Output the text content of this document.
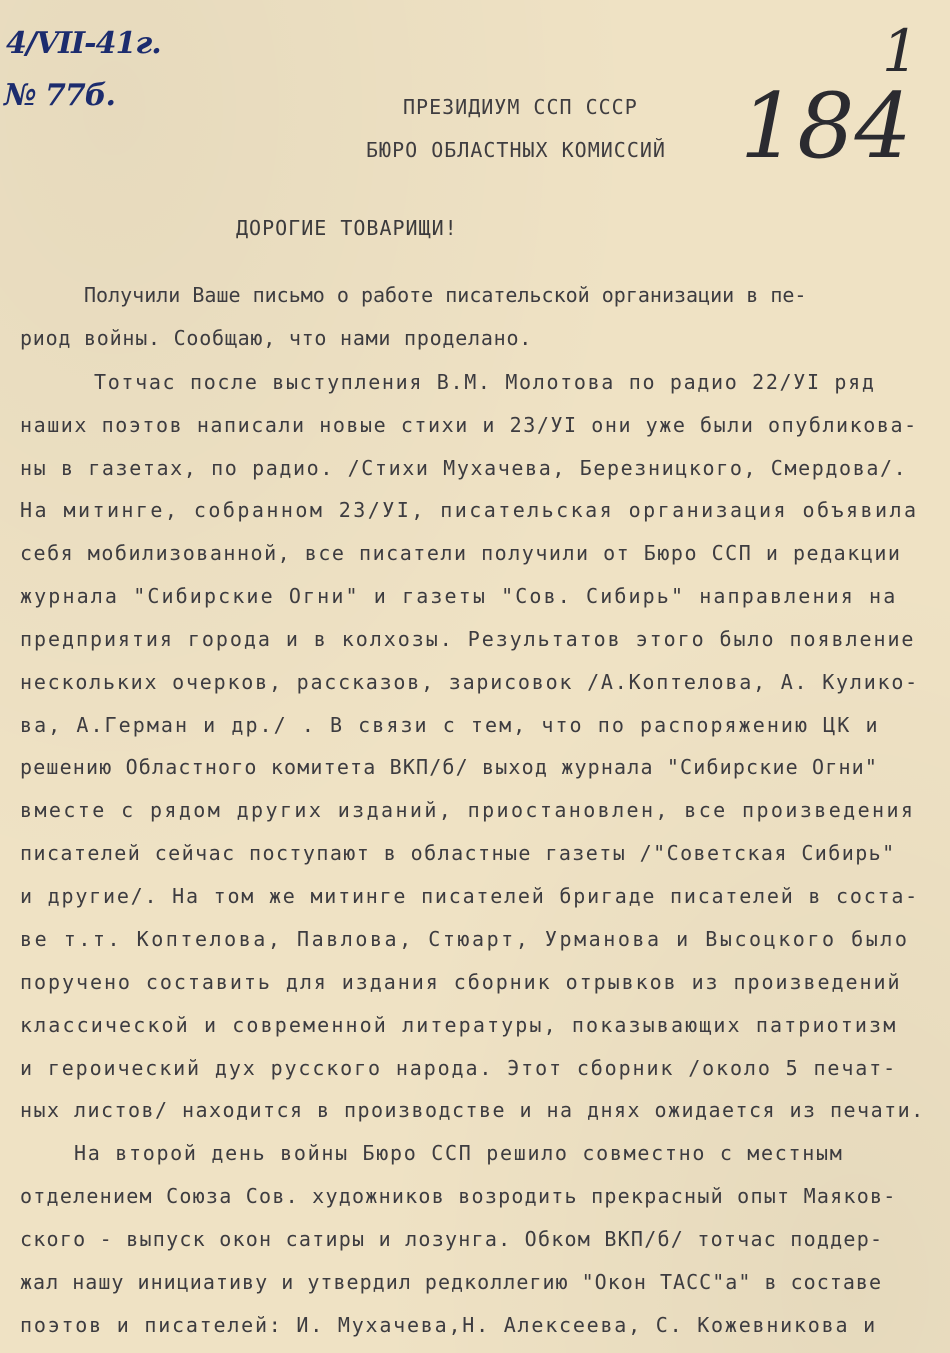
4/VII-41г.
№ 77б.	ПРЕЗИДИУМ ССП СССР
БЮРО ОБЛАСТНЫХ КОМИССИЙ 184
1
ДОРОГИЕ ТОВАРИЩИ!
Получили Ваше письмо о работе писательской организации в пе-
риод войны. Сообщаю, что нами проделано.
Тотчас после выступления В.М. Молотова по радио 22/УI ряд
наших поэтов написали новые стихи и 23/УI они уже были опубликова-
ны в газетах, по радио. /Стихи Мухачева, Березницкого, Смердова/.
На митинге, собранном 23/УI, писательская организация объявила
себя мобилизованной, все писатели получили от Бюро ССП и редакции
журнала "Сибирские Огни" и газеты "Сов. Сибирь" направления на
предприятия города и в колхозы. Результатов этого было появление
нескольких очерков, рассказов, зарисовок /А.Коптелова, А. Кулико-
ва, А.Герман и др./ . В связи с тем, что по распоряжению ЦК и
решению Областного комитета ВКП/б/ выход журнала "Сибирские Огни"
вместе с рядом других изданий, приостановлен, все произведения
писателей сейчас поступают в областные газеты /"Советская Сибирь"
и другие/. На том же митинге писателей бригаде писателей в соста-
ве т.т. Коптелова, Павлова, Стюарт, Урманова и Высоцкого было
поручено составить для издания сборник отрывков из произведений
классической и современной литературы, показывающих патриотизм
и героический дух русского народа. Этот сборник /около 5 печат-
ных листов/ находится в производстве и на днях ожидается из печати.
На второй день войны Бюро ССП решило совместно с местным
отделением Союза Сов. художников возродить прекрасный опыт Маяков-
ского - выпуск окон сатиры и лозунга. Обком ВКП/б/ тотчас поддер-
жал нашу инициативу и утвердил редколлегию "Окон ТАСС"а" в составе
поэтов и писателей: И. Мухачева,Н. Алексеева, С. Кожевникова и
